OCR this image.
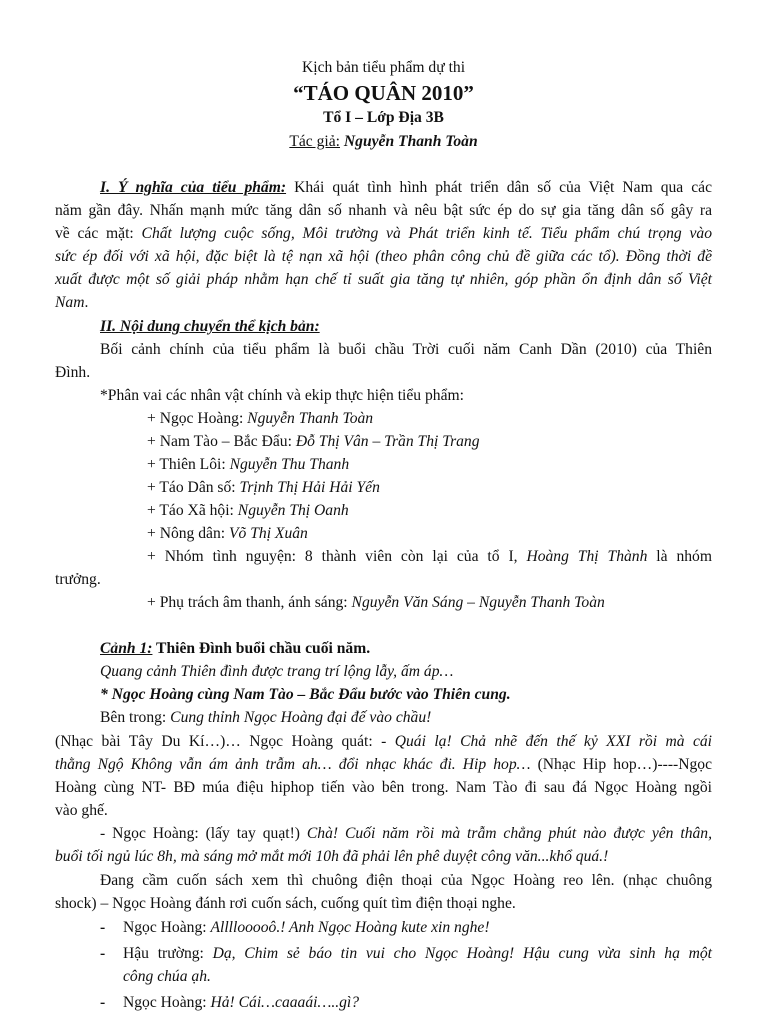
Kịch bản tiểu phẩm dự thi
“TÁO QUÂN 2010”
Tổ I – Lớp Địa 3B
Tác giả: Nguyễn Thanh Toàn
I. Ý nghĩa của tiểu phẩm: Khái quát tình hình phát triển dân số của Việt Nam qua các
năm gần đây. Nhấn mạnh mức tăng dân số nhanh và nêu bật sức ép do sự gia tăng dân số gây ra
về các mặt: Chất lượng cuộc sống, Môi trường và Phát triển kinh tế. Tiểu phẩm chú trọng vào
sức ép đối với xã hội, đặc biệt là tệ nạn xã hội (theo phân công chủ đề giữa các tổ). Đồng thời đề
xuất được một số giải pháp nhằm hạn chế tỉ suất gia tăng tự nhiên, góp phần ổn định dân số Việt
Nam.
II. Nội dung chuyển thể kịch bản:
Bối cảnh chính của tiểu phẩm là buổi chầu Trời cuối năm Canh Dần (2010) của Thiên
Đình.
*Phân vai các nhân vật chính và ekip thực hiện tiểu phẩm:
+ Ngọc Hoàng: Nguyễn Thanh Toàn
+ Nam Tào – Bắc Đẩu: Đỗ Thị Vân – Trần Thị Trang
+ Thiên Lôi: Nguyễn Thu Thanh
+ Táo Dân số: Trịnh Thị Hải Hải Yến
+ Táo Xã hội: Nguyễn Thị Oanh
+ Nông dân: Võ Thị Xuân
+ Nhóm tình nguyện: 8 thành viên còn lại của tổ I, Hoàng Thị Thành là nhóm
trưởng.
+ Phụ trách âm thanh, ánh sáng: Nguyễn Văn Sáng – Nguyễn Thanh Toàn
Cảnh 1: Thiên Đình buổi chầu cuối năm.
Quang cảnh Thiên đình được trang trí lộng lẫy, ấm áp…
* Ngọc Hoàng cùng Nam Tào – Bắc Đẩu bước vào Thiên cung.
Bên trong: Cung thỉnh Ngọc Hoàng đại đế vào chầu!
(Nhạc bài Tây Du Kí…)… Ngọc Hoàng quát: - Quái lạ! Chả nhẽ đến thế kỷ XXI rồi mà cái
thằng Ngộ Không vẫn ám ảnh trẫm ah… đổi nhạc khác đi. Hip hop… (Nhạc Hip hop…)----Ngọc
Hoàng cùng NT- BĐ múa điệu hiphop tiến vào bên trong. Nam Tào đi sau đá Ngọc Hoàng ngồi
vào ghế.
- Ngọc Hoàng: (lấy tay quạt!) Chà! Cuối năm rồi mà trẫm chẳng phút nào được yên thân,
buổi tối ngủ lúc 8h, mà sáng mở mắt mới 10h đã phải lên phê duyệt công văn...khổ quá.!
Đang cầm cuốn sách xem thì chuông điện thoại của Ngọc Hoàng reo lên. (nhạc chuông
shock) – Ngọc Hoàng đánh rơi cuốn sách, cuống quít tìm điện thoại nghe.
- Ngọc Hoàng: Allllooooô.! Anh Ngọc Hoàng kute xin nghe!
- Hậu trường: Dạ, Chim sẻ báo tin vui cho Ngọc Hoàng! Hậu cung vừa sinh hạ một
công chúa ạh.
- Ngọc Hoàng: Hả! Cái…caaaái…..gì?
